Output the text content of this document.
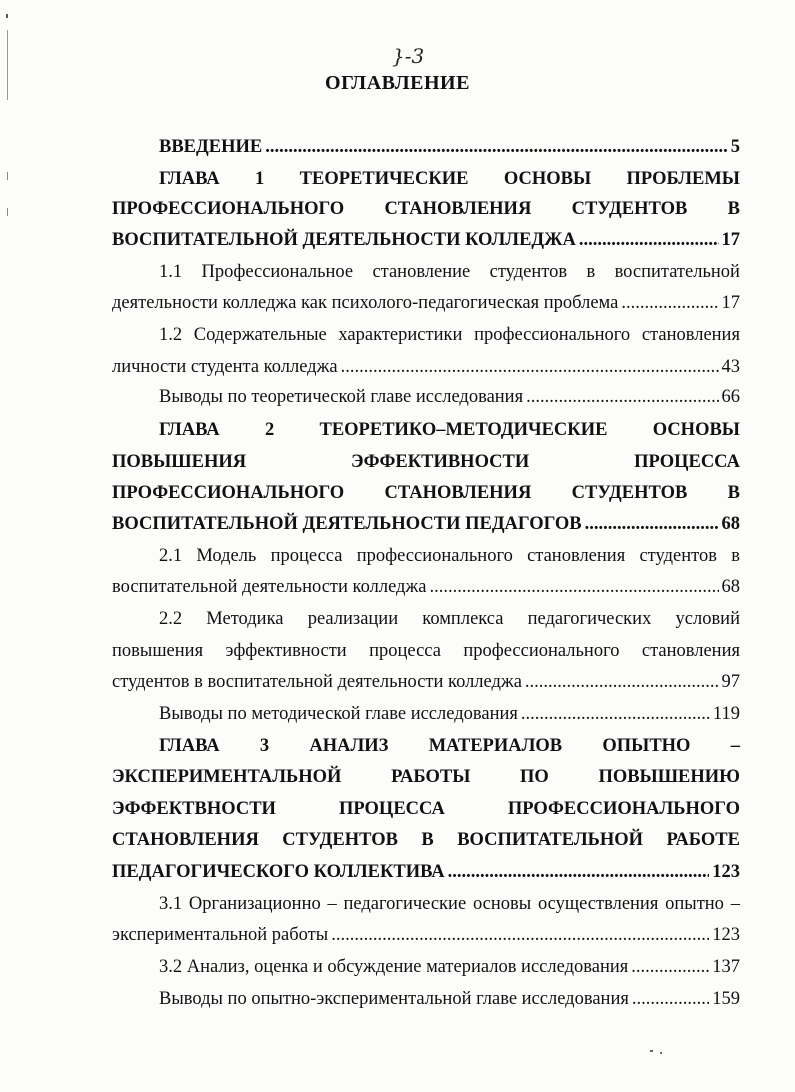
}-3
ОГЛАВЛЕНИЕ
ВВЕДЕНИЕ .....	5
ГЛАВА 1 ТЕОРЕТИЧЕСКИЕ ОСНОВЫ ПРОБЛЕМЫ
ПРОФЕССИОНАЛЬНОГО СТАНОВЛЕНИЯ СТУДЕНТОВ В
ВОСПИТАТЕЛЬНОЙ ДЕЯТЕЛЬНОСТИ КОЛЛЕДЖА .....	17
1.1 Профессиональное становление студентов в воспитательной
деятельности колледжа как психолого-педагогическая проблема .....	17
1.2 Содержательные характеристики профессионального становления
личности студента колледжа .....	43
Выводы по теоретической главе исследования .....	66
ГЛАВА 2 ТЕОРЕТИКО–МЕТОДИЧЕСКИЕ ОСНОВЫ
ПОВЫШЕНИЯ	ЭФФЕКТИВНОСТИ	ПРОЦЕССА
ПРОФЕССИОНАЛЬНОГО СТАНОВЛЕНИЯ СТУДЕНТОВ В
ВОСПИТАТЕЛЬНОЙ ДЕЯТЕЛЬНОСТИ ПЕДАГОГОВ .....	68
2.1 Модель процесса профессионального становления студентов в
воспитательной деятельности колледжа .....	68
2.2 Методика реализации комплекса педагогических условий
повышения эффективности процесса профессионального становления
студентов в воспитательной деятельности колледжа .....	97
Выводы по методической главе исследования .....	119
ГЛАВА 3 АНАЛИЗ МАТЕРИАЛОВ ОПЫТНО –
ЭКСПЕРИМЕНТАЛЬНОЙ	РАБОТЫ	ПО	ПОВЫШЕНИЮ
ЭФФЕКТВНОСТИ	ПРОЦЕССА	ПРОФЕССИОНАЛЬНОГО
СТАНОВЛЕНИЯ СТУДЕНТОВ В ВОСПИТАТЕЛЬНОЙ РАБОТЕ
ПЕДАГОГИЧЕСКОГО КОЛЛЕКТИВА .....	123
3.1 Организационно – педагогические основы осуществления опытно –
экспериментальной работы .....	123
3.2 Анализ, оценка и обсуждение материалов исследования .....	137
Выводы по опытно-экспериментальной главе исследования .....	159
